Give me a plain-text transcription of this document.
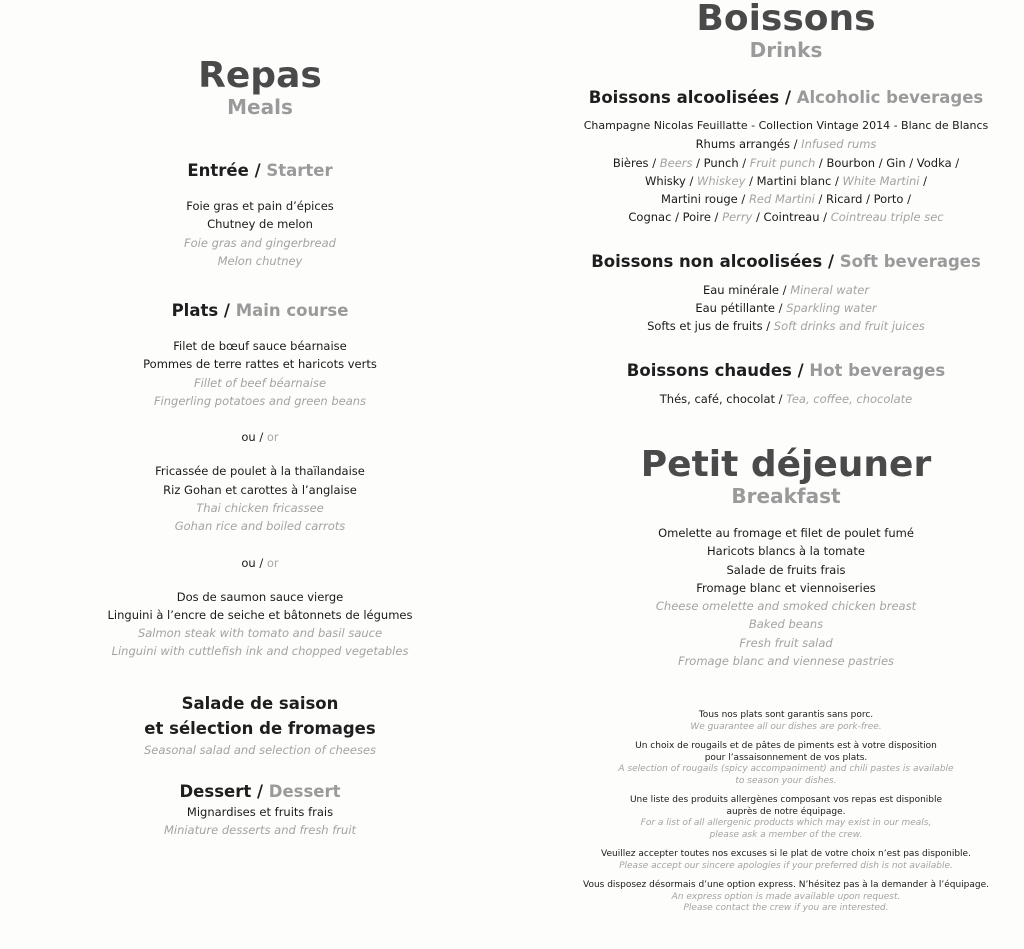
Repas
Meals
Entrée / Starter
Foie gras et pain d’épices
Chutney de melon
Foie gras and gingerbread
Melon chutney
Plats / Main course
Filet de bœuf sauce béarnaise
Pommes de terre rattes et haricots verts
Fillet of beef béarnaise
Fingerling potatoes and green beans
ou / or
Fricassée de poulet à la thaïlandaise
Riz Gohan et carottes à l’anglaise
Thai chicken fricassee
Gohan rice and boiled carrots
ou / or
Dos de saumon sauce vierge
Linguini à l’encre de seiche et bâtonnets de légumes
Salmon steak with tomato and basil sauce
Linguini with cuttlefish ink and chopped vegetables
Salade de saison
et sélection de fromages
Seasonal salad and selection of cheeses
Dessert / Dessert
Mignardises et fruits frais
Miniature desserts and fresh fruit
Boissons
Drinks
Boissons alcoolisées / Alcoholic beverages
Champagne Nicolas Feuillatte - Collection Vintage 2014 - Blanc de Blancs
Rhums arrangés / Infused rums
Bières / Beers / Punch / Fruit punch / Bourbon / Gin / Vodka /
Whisky / Whiskey / Martini blanc / White Martini /
Martini rouge / Red Martini / Ricard / Porto /
Cognac / Poire / Perry / Cointreau / Cointreau triple sec
Boissons non alcoolisées / Soft beverages
Eau minérale / Mineral water
Eau pétillante / Sparkling water
Softs et jus de fruits / Soft drinks and fruit juices
Boissons chaudes / Hot beverages
Thés, café, chocolat / Tea, coffee, chocolate
Petit déjeuner
Breakfast
Omelette au fromage et filet de poulet fumé
Haricots blancs à la tomate
Salade de fruits frais
Fromage blanc et viennoiseries
Cheese omelette and smoked chicken breast
Baked beans
Fresh fruit salad
Fromage blanc and viennese pastries
Tous nos plats sont garantis sans porc.
We guarantee all our dishes are pork-free.
Un choix de rougails et de pâtes de piments est à votre disposition
pour l’assaisonnement de vos plats.
A selection of rougails (spicy accompaniment) and chili pastes is available
to season your dishes.
Une liste des produits allergènes composant vos repas est disponible
auprès de notre équipage.
For a list of all allergenic products which may exist in our meals,
please ask a member of the crew.
Veuillez accepter toutes nos excuses si le plat de votre choix n’est pas disponible.
Please accept our sincere apologies if your preferred dish is not available.
Vous disposez désormais d’une option express. N’hésitez pas à la demander à l’équipage.
An express option is made available upon request.
Please contact the crew if you are interested.
